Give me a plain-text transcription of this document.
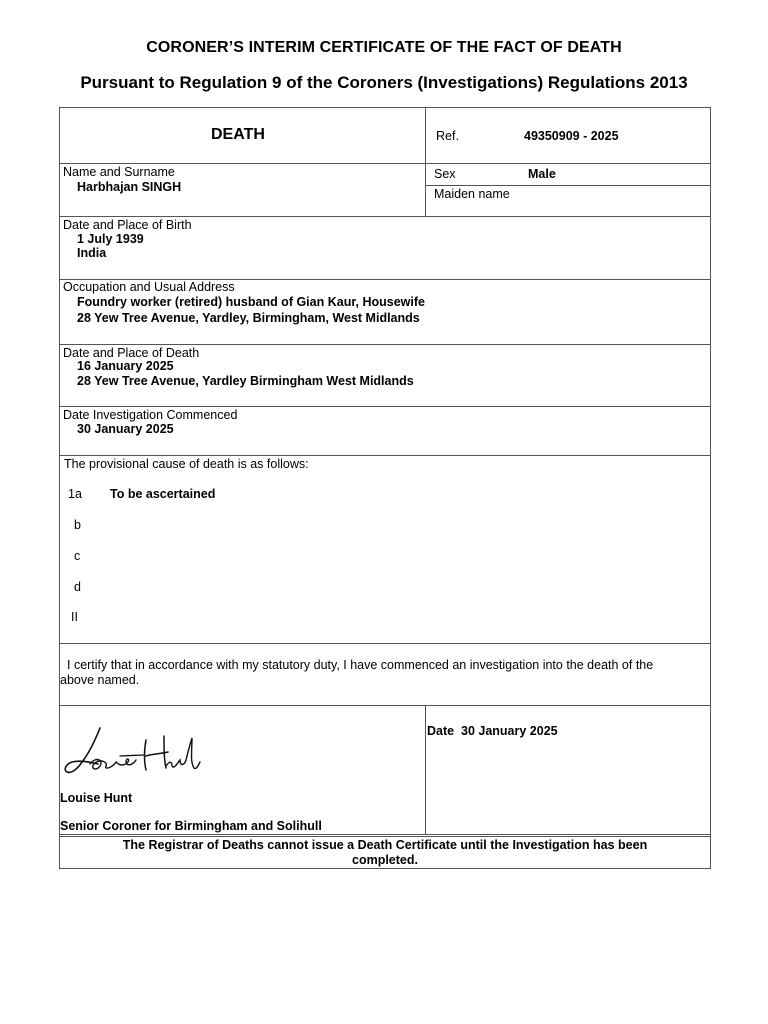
CORONER’S INTERIM CERTIFICATE OF THE FACT OF DEATH
Pursuant to Regulation 9 of the Coroners (Investigations) Regulations 2013
DEATH	Ref.	49350909 - 2025
Name and Surname
Harbhajan SINGH
Sex	Male
Maiden name
Date and Place of Birth
1 July 1939
India
Occupation and Usual Address
Foundry worker (retired) husband of Gian Kaur, Housewife
28 Yew Tree Avenue, Yardley, Birmingham, West Midlands
Date and Place of Death
16 January 2025
28 Yew Tree Avenue, Yardley Birmingham West Midlands
Date Investigation Commenced
30 January 2025
The provisional cause of death is as follows:
1a To be ascertained
b
c
d
II
I certify that in accordance with my statutory duty, I have commenced an investigation into the death of the
above named.
Louise Hunt
Senior Coroner for Birmingham and Solihull
Date 30 January 2025
The Registrar of Deaths cannot issue a Death Certificate until the Investigation has been
completed.
